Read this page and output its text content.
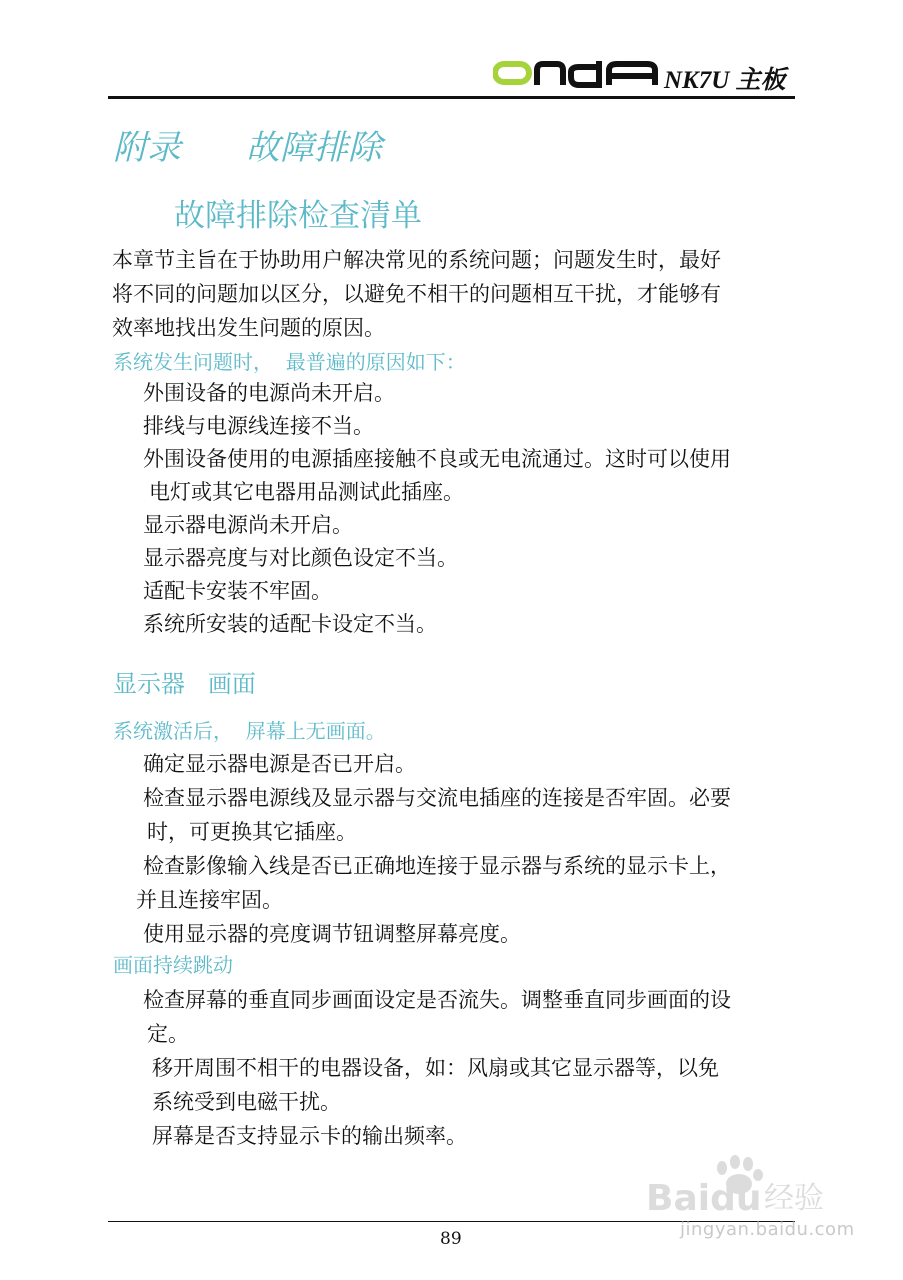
NK7U 主板
附录      故障排除
故障排除检查清单
本章节主旨在于协助用户解决常见的系统问题；问题发生时，最好
将不同的问题加以区分，以避免不相干的问题相互干扰，才能够有
效率地找出发生问题的原因。
系统发生问题时，  最普遍的原因如下：
外围设备的电源尚未开启。
排线与电源线连接不当。
外围设备使用的电源插座接触不良或无电流通过。这时可以使用
电灯或其它电器用品测试此插座。
显示器电源尚未开启。
显示器亮度与对比颜色设定不当。
适配卡安装不牢固。
系统所安装的适配卡设定不当。
显示器   画面
系统激活后，  屏幕上无画面。
确定显示器电源是否已开启。
检查显示器电源线及显示器与交流电插座的连接是否牢固。必要
时，可更换其它插座。
检查影像输入线是否已正确地连接于显示器与系统的显示卡上，
并且连接牢固。
使用显示器的亮度调节钮调整屏幕亮度。
画面持续跳动
检查屏幕的垂直同步画面设定是否流失。调整垂直同步画面的设
定。
移开周围不相干的电器设备，如：风扇或其它显示器等，以免
系统受到电磁干扰。
屏幕是否支持显示卡的输出频率。
Baidu 经验
89	jingyan.baidu.com
